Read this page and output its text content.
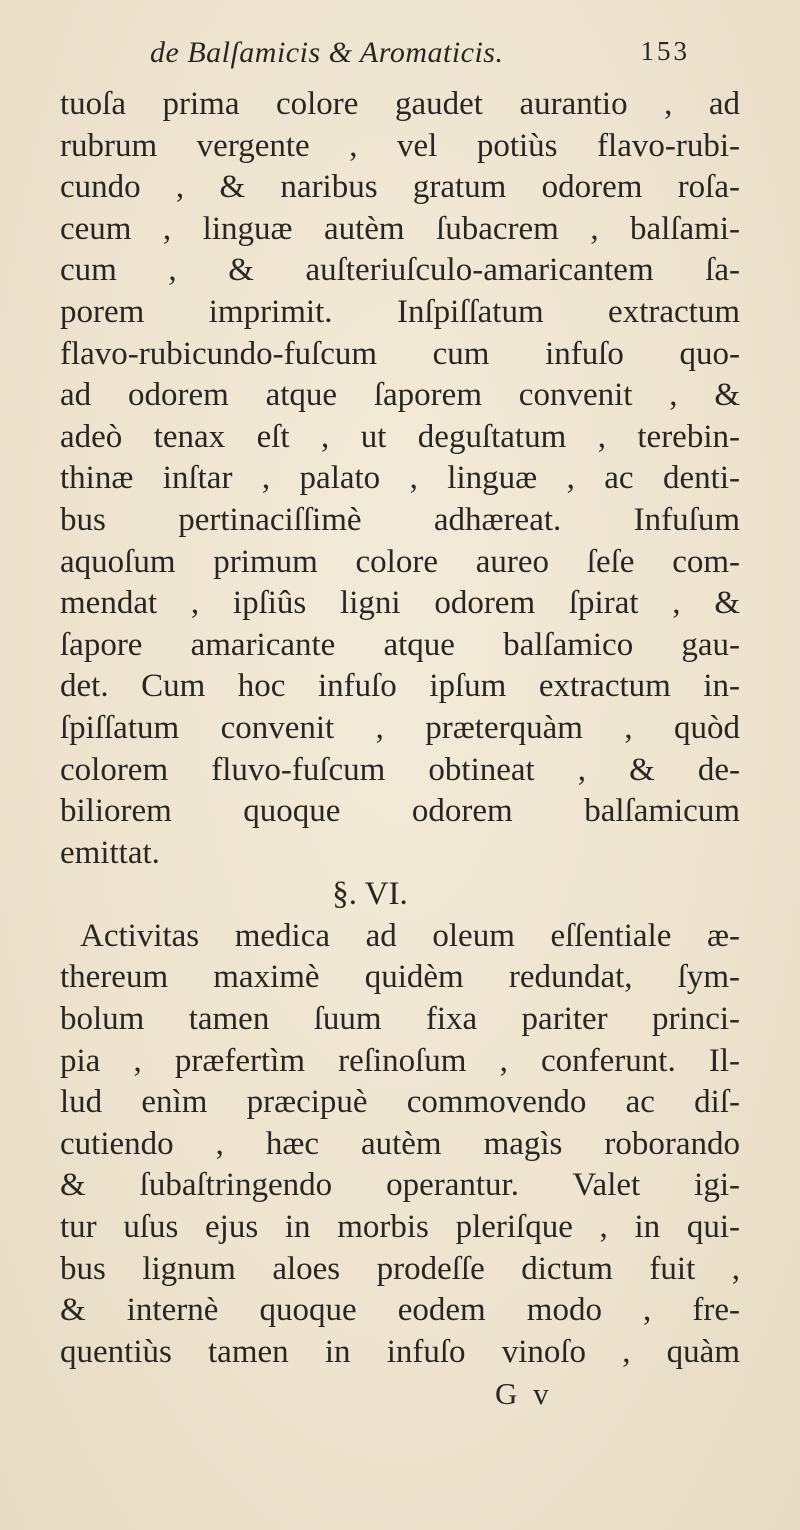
de Balſamicis & Aromaticis.	153
tuoſa prima colore gaudet aurantio , ad
rubrum vergente , vel potiùs flavo-rubi-
cundo , & naribus gratum odorem roſa-
ceum , linguæ autèm ſubacrem , balſami-
cum , & auſteriuſculo-amaricantem ſa-
porem imprimit. Inſpiſſatum extractum
flavo-rubicundo-fuſcum cum infuſo quo-
ad odorem atque ſaporem convenit , &
adeò tenax eſt , ut deguſtatum , terebin-
thinæ inſtar , palato , linguæ , ac denti-
bus pertinaciſſimè adhæreat. Infuſum
aquoſum primum colore aureo ſeſe com-
mendat , ipſiûs ligni odorem ſpirat , &
ſapore amaricante atque balſamico gau-
det. Cum hoc infuſo ipſum extractum in-
ſpiſſatum convenit , præterquàm , quòd
colorem fluvo-fuſcum obtineat , & de-
biliorem quoque odorem balſamicum
emittat.
§. VI.
Activitas medica ad oleum eſſentiale æ-
thereum maximè quidèm redundat, ſym-
bolum tamen ſuum fixa pariter princi-
pia , præfertìm reſinoſum , conferunt. Il-
lud enìm præcipuè commovendo ac diſ-
cutiendo , hæc autèm magìs roborando
& ſubaſtringendo operantur. Valet igi-
tur uſus ejus in morbis pleriſque , in qui-
bus lignum aloes prodeſſe dictum fuit ,
& internè quoque eodem modo , fre-
quentiùs tamen in infuſo vinoſo , quàm
G v
